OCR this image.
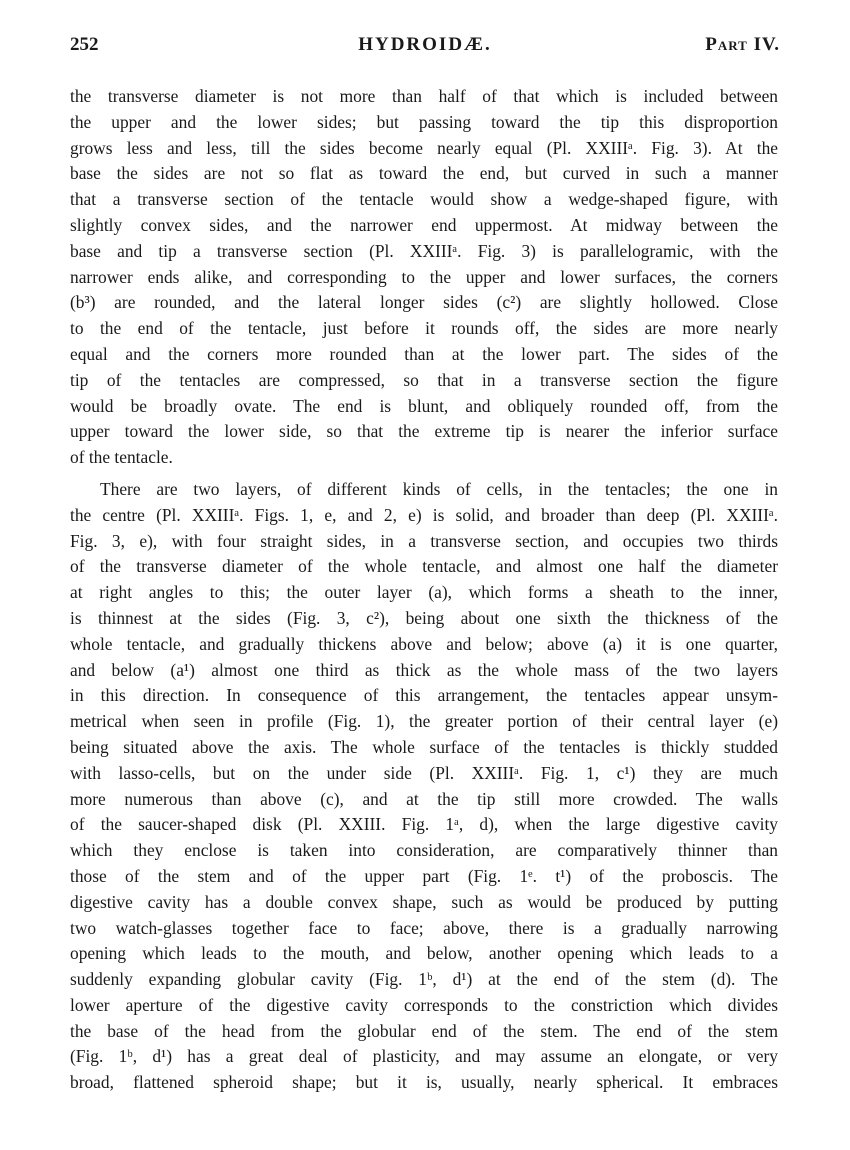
252	HYDROIDÆ.	Part IV.
the transverse diameter is not more than half of that which is included between
the upper and the lower sides; but passing toward the tip this disproportion
grows less and less, till the sides become nearly equal (Pl. XXIIIᵃ. Fig. 3). At the
base the sides are not so flat as toward the end, but curved in such a manner
that a transverse section of the tentacle would show a wedge-shaped figure, with
slightly convex sides, and the narrower end uppermost. At midway between the
base and tip a transverse section (Pl. XXIIIᵃ. Fig. 3) is parallelogramic, with the
narrower ends alike, and corresponding to the upper and lower surfaces, the corners
(b³) are rounded, and the lateral longer sides (c²) are slightly hollowed. Close
to the end of the tentacle, just before it rounds off, the sides are more nearly
equal and the corners more rounded than at the lower part. The sides of the
tip of the tentacles are compressed, so that in a transverse section the figure
would be broadly ovate. The end is blunt, and obliquely rounded off, from the
upper toward the lower side, so that the extreme tip is nearer the inferior surface
of the tentacle.
There are two layers, of different kinds of cells, in the tentacles; the one in
the centre (Pl. XXIIIᵃ. Figs. 1, e, and 2, e) is solid, and broader than deep (Pl. XXIIIᵃ.
Fig. 3, e), with four straight sides, in a transverse section, and occupies two thirds
of the transverse diameter of the whole tentacle, and almost one half the diameter
at right angles to this; the outer layer (a), which forms a sheath to the inner,
is thinnest at the sides (Fig. 3, c²), being about one sixth the thickness of the
whole tentacle, and gradually thickens above and below; above (a) it is one quarter,
and below (a¹) almost one third as thick as the whole mass of the two layers
in this direction. In consequence of this arrangement, the tentacles appear unsym-
metrical when seen in profile (Fig. 1), the greater portion of their central layer (e)
being situated above the axis. The whole surface of the tentacles is thickly studded
with lasso-cells, but on the under side (Pl. XXIIIᵃ. Fig. 1, c¹) they are much
more numerous than above (c), and at the tip still more crowded. The walls
of the saucer-shaped disk (Pl. XXIII. Fig. 1ᵃ, d), when the large digestive cavity
which they enclose is taken into consideration, are comparatively thinner than
those of the stem and of the upper part (Fig. 1ᵉ. t¹) of the proboscis. The
digestive cavity has a double convex shape, such as would be produced by putting
two watch-glasses together face to face; above, there is a gradually narrowing
opening which leads to the mouth, and below, another opening which leads to a
suddenly expanding globular cavity (Fig. 1ᵇ, d¹) at the end of the stem (d). The
lower aperture of the digestive cavity corresponds to the constriction which divides
the base of the head from the globular end of the stem. The end of the stem
(Fig. 1ᵇ, d¹) has a great deal of plasticity, and may assume an elongate, or very
broad, flattened spheroid shape; but it is, usually, nearly spherical. It embraces
